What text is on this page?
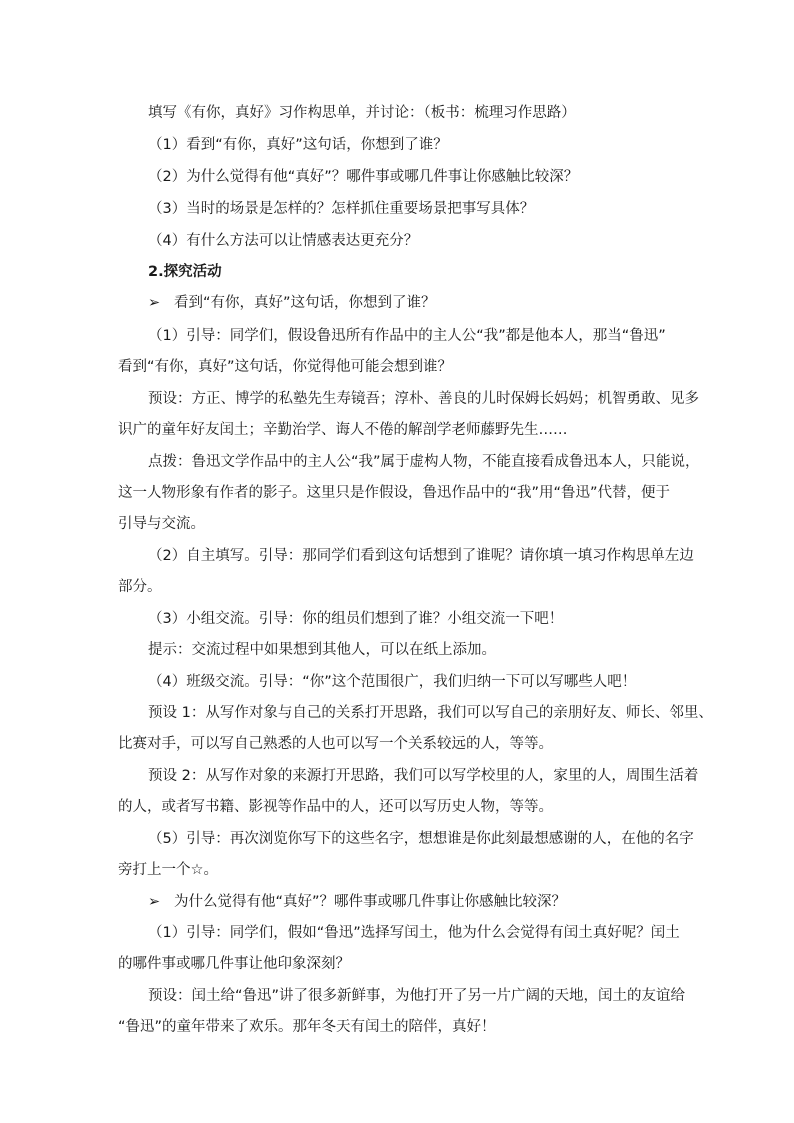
填写《有你，真好》习作构思单，并讨论：（板书：梳理习作思路）

（1）看到“有你，真好”这句话，你想到了谁？

（2）为什么觉得有他“真好”？哪件事或哪几件事让你感触比较深？

（3）当时的场景是怎样的？怎样抓住重要场景把事写具体？

（4）有什么方法可以让情感表达更充分？

2.探究活动

➢ 看到“有你，真好”这句话，你想到了谁？

（1）引导：同学们，假设鲁迅所有作品中的主人公“我”都是他本人，那当“鲁迅”

看到“有你，真好”这句话，你觉得他可能会想到谁？

预设：方正、博学的私塾先生寿镜吾；淳朴、善良的儿时保姆长妈妈；机智勇敢、见多

识广的童年好友闰土；辛勤治学、诲人不倦的解剖学老师藤野先生……

点拨：鲁迅文学作品中的主人公“我”属于虚构人物，不能直接看成鲁迅本人，只能说，

这一人物形象有作者的影子。这里只是作假设，鲁迅作品中的“我”用“鲁迅”代替，便于

引导与交流。

（2）自主填写。引导：那同学们看到这句话想到了谁呢？请你填一填习作构思单左边

部分。

（3）小组交流。引导：你的组员们想到了谁？小组交流一下吧！

提示：交流过程中如果想到其他人，可以在纸上添加。

（4）班级交流。引导：“你”这个范围很广，我们归纳一下可以写哪些人吧！

预设 1：从写作对象与自己的关系打开思路，我们可以写自己的亲朋好友、师长、邻里、

比赛对手，可以写自己熟悉的人也可以写一个关系较远的人，等等。

预设 2：从写作对象的来源打开思路，我们可以写学校里的人，家里的人，周围生活着

的人，或者写书籍、影视等作品中的人，还可以写历史人物，等等。

（5）引导：再次浏览你写下的这些名字，想想谁是你此刻最想感谢的人，在他的名字

旁打上一个☆。

➢ 为什么觉得有他“真好”？哪件事或哪几件事让你感触比较深？

（1）引导：同学们，假如“鲁迅”选择写闰土，他为什么会觉得有闰土真好呢？闰土

的哪件事或哪几件事让他印象深刻？

预设：闰土给“鲁迅”讲了很多新鲜事，为他打开了另一片广阔的天地，闰土的友谊给

“鲁迅”的童年带来了欢乐。那年冬天有闰土的陪伴，真好！
